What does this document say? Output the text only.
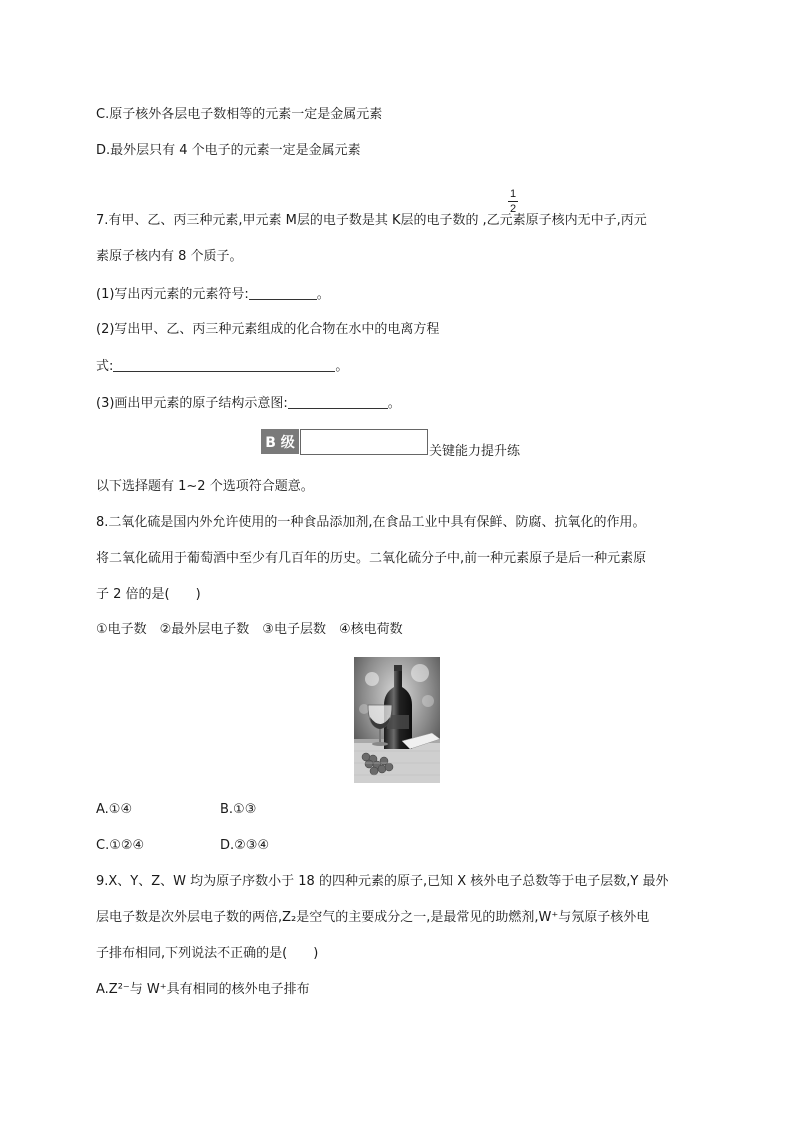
C.原子核外各层电子数相等的元素一定是金属元素
D.最外层只有 4 个电子的元素一定是金属元素
1
2
7.有甲、乙、丙三种元素,甲元素 M层的电子数是其 K层的电子数的 ,乙元素原子核内无中子,丙元
素原子核内有 8 个质子。
(1)写出丙元素的元素符号:	。
(2)写出甲、乙、丙三种元素组成的化合物在水中的电离方程
式:	。
(3)画出甲元素的原子结构示意图:	。
B 级
关键能力提升练
以下选择题有 1~2 个选项符合题意。
8.二氧化硫是国内外允许使用的一种食品添加剂,在食品工业中具有保鲜、防腐、抗氧化的作用。
将二氧化硫用于葡萄酒中至少有几百年的历史。二氧化硫分子中,前一种元素原子是后一种元素原
子 2 倍的是(　　)
①电子数　②最外层电子数　③电子层数　④核电荷数
A.①④	B.①③
C.①②④	D.②③④
9.X、Y、Z、W 均为原子序数小于 18 的四种元素的原子,已知 X 核外电子总数等于电子层数,Y 最外
层电子数是次外层电子数的两倍,Z₂是空气的主要成分之一,是最常见的助燃剂,W⁺与氖原子核外电
子排布相同,下列说法不正确的是(　　)
A.Z²⁻与 W⁺具有相同的核外电子排布
